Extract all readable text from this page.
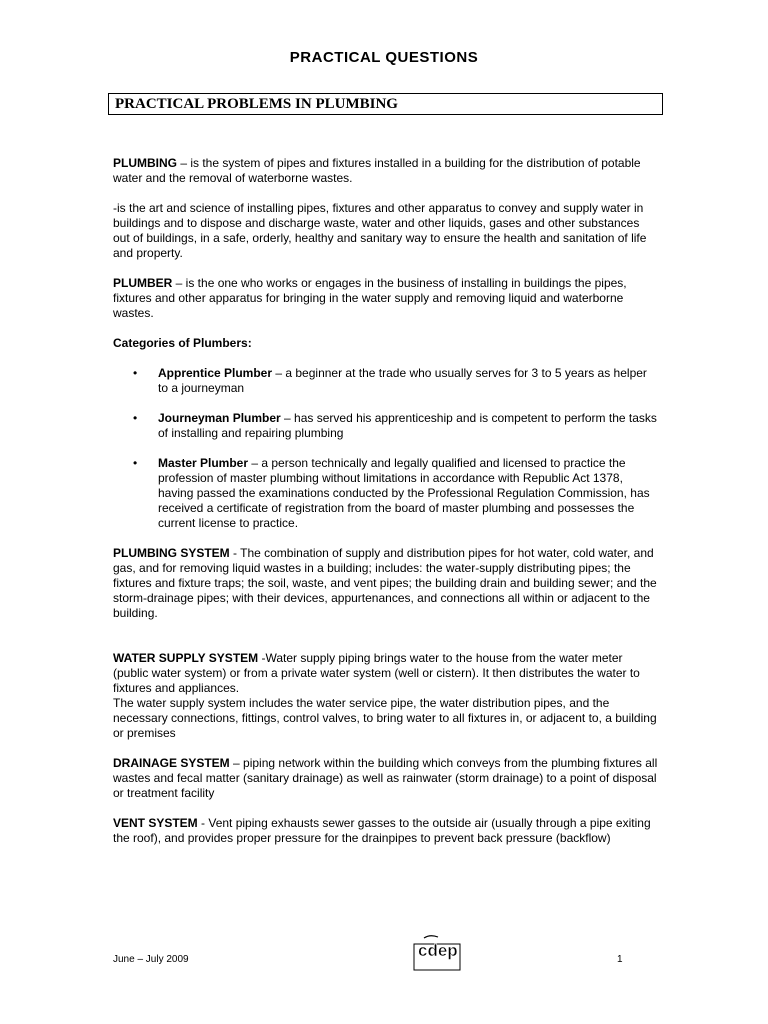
PRACTICAL QUESTIONS
PRACTICAL PROBLEMS IN PLUMBING

PLUMBING – is the system of pipes and fixtures installed in a building for the distribution of potable water and the removal of waterborne wastes.

-is the art and science of installing pipes, fixtures and other apparatus to convey and supply water in buildings and to dispose and discharge waste, water and other liquids, gases and other substances out of buildings, in a safe, orderly, healthy and sanitary way to ensure the health and sanitation of life and property.

PLUMBER – is the one who works or engages in the business of installing in buildings the pipes, fixtures and other apparatus for bringing in the water supply and removing liquid and waterborne wastes.

Categories of Plumbers:

• Apprentice Plumber – a beginner at the trade who usually serves for 3 to 5 years as helper to a journeyman
• Journeyman Plumber – has served his apprenticeship and is competent to perform the tasks of installing and repairing plumbing
• Master Plumber – a person technically and legally qualified and licensed to practice the profession of master plumbing without limitations in accordance with Republic Act 1378, having passed the examinations conducted by the Professional Regulation Commission, has received a certificate of registration from the board of master plumbing and possesses the current license to practice.

PLUMBING SYSTEM - The combination of supply and distribution pipes for hot water, cold water, and gas, and for removing liquid wastes in a building; includes: the water-supply distributing pipes; the fixtures and fixture traps; the soil, waste, and vent pipes; the building drain and building sewer; and the storm-drainage pipes; with their devices, appurtenances, and connections all within or adjacent to the building.

WATER SUPPLY SYSTEM -Water supply piping brings water to the house from the water meter (public water system) or from a private water system (well or cistern). It then distributes the water to fixtures and appliances.

The water supply system includes the water service pipe, the water distribution pipes, and the necessary connections, fittings, control valves, to bring water to all fixtures in, or adjacent to, a building or premises

DRAINAGE SYSTEM – piping network within the building which conveys from the plumbing fixtures all wastes and fecal matter (sanitary drainage) as well as rainwater (storm drainage) to a point of disposal or treatment facility

VENT SYSTEM - Vent piping exhausts sewer gasses to the outside air (usually through a pipe exiting the roof), and provides proper pressure for the drainpipes to prevent back pressure (backflow)

June – July 2009	cdep	1
